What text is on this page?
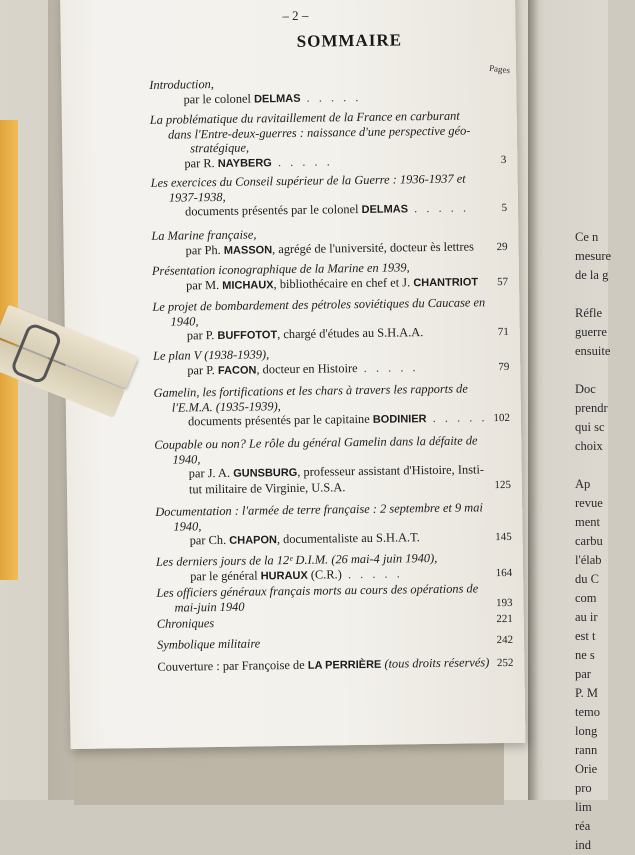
Ce n
mesure
de la g

Réfle
guerre
ensuite

Doc
prendr
qui sc
choix

Ap
revue
ment
carbu
l'élab
du C
com
au ir
est t
ne s
par
P. M
temo
long
rann
Orie
pro
lim
réa
ind
– 2 –
SOMMAIRE
Pages
Introduction,
par le colonel DELMAS . . . . .
La problématique du ravitaillement de la France en carburant
dans l'Entre-deux-guerres : naissance d'une perspective géo-
stratégique,
par R. NAYBERG . . . . .	3
Les exercices du Conseil supérieur de la Guerre : 1936-1937 et
1937-1938,
documents présentés par le colonel DELMAS . . . . .	5
La Marine française,
par Ph. MASSON, agrégé de l'université, docteur ès lettres	29
Présentation iconographique de la Marine en 1939,
par M. MICHAUX, bibliothécaire en chef et J. CHANTRIOT	57
Le projet de bombardement des pétroles soviétiques du Caucase en
1940,
par P. BUFFOTOT, chargé d'études au S.H.A.A.	71
Le plan V (1938-1939),
par P. FACON, docteur en Histoire . . . . .	79
Gamelin, les fortifications et les chars à travers les rapports de
l'E.M.A. (1935-1939),
documents présentés par le capitaine BODINIER . . . . . 102
Coupable ou non? Le rôle du général Gamelin dans la défaite de
1940,
par J. A. GUNSBURG, professeur assistant d'Histoire, Insti-
tut militaire de Virginie, U.S.A.	125
Documentation : l'armée de terre française : 2 septembre et 9 mai
1940,
par Ch. CHAPON, documentaliste au S.H.A.T.	145
Les derniers jours de la 12ᵉ D.I.M. (26 mai-4 juin 1940),
par le général HURAUX (C.R.) . . . . .	164
Les officiers généraux français morts au cours des opérations de
mai-juin 1940	193
Chroniques	221
Symbolique militaire	242
Couverture : par Françoise de LA PERRIÈRE (tous droits réservés) 252
